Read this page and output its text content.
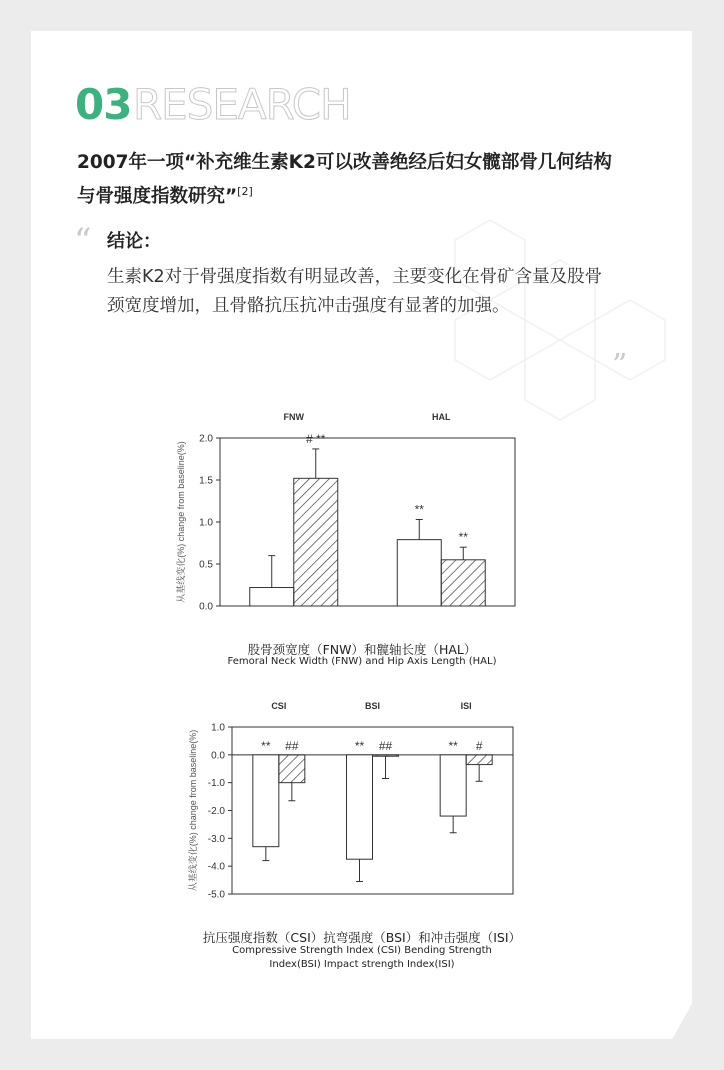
03 RESEARCH
2007年一项“补充维生素K2可以改善绝经后妇女髋部骨几何结构
与骨强度指数研究”[2]
“ 结论：
生素K2对于骨强度指数有明显改善，主要变化在骨矿含量及股骨颈宽度增加，且骨骼抗压抗冲击强度有显著的加强。
”
0.0
0.5
1.0
1.5
2.0
从基线变化(%) change from baseline(%)
FNW
# **
HAL
**
**
股骨颈宽度（FNW）和髋轴长度（HAL）
Femoral Neck Width (FNW) and Hip Axis Length (HAL)
1.0
0.0
-1.0
-2.0
-3.0
-4.0
-5.0
从基线变化(%) change from baseline(%)
CSI
** ##
BSI
** ##
ISI
** #
抗压强度指数（CSI）抗弯强度（BSI）和冲击强度（ISI）
Compressive Strength Index (CSI) Bending Strength
Index(BSI) Impact strength Index(ISI)
